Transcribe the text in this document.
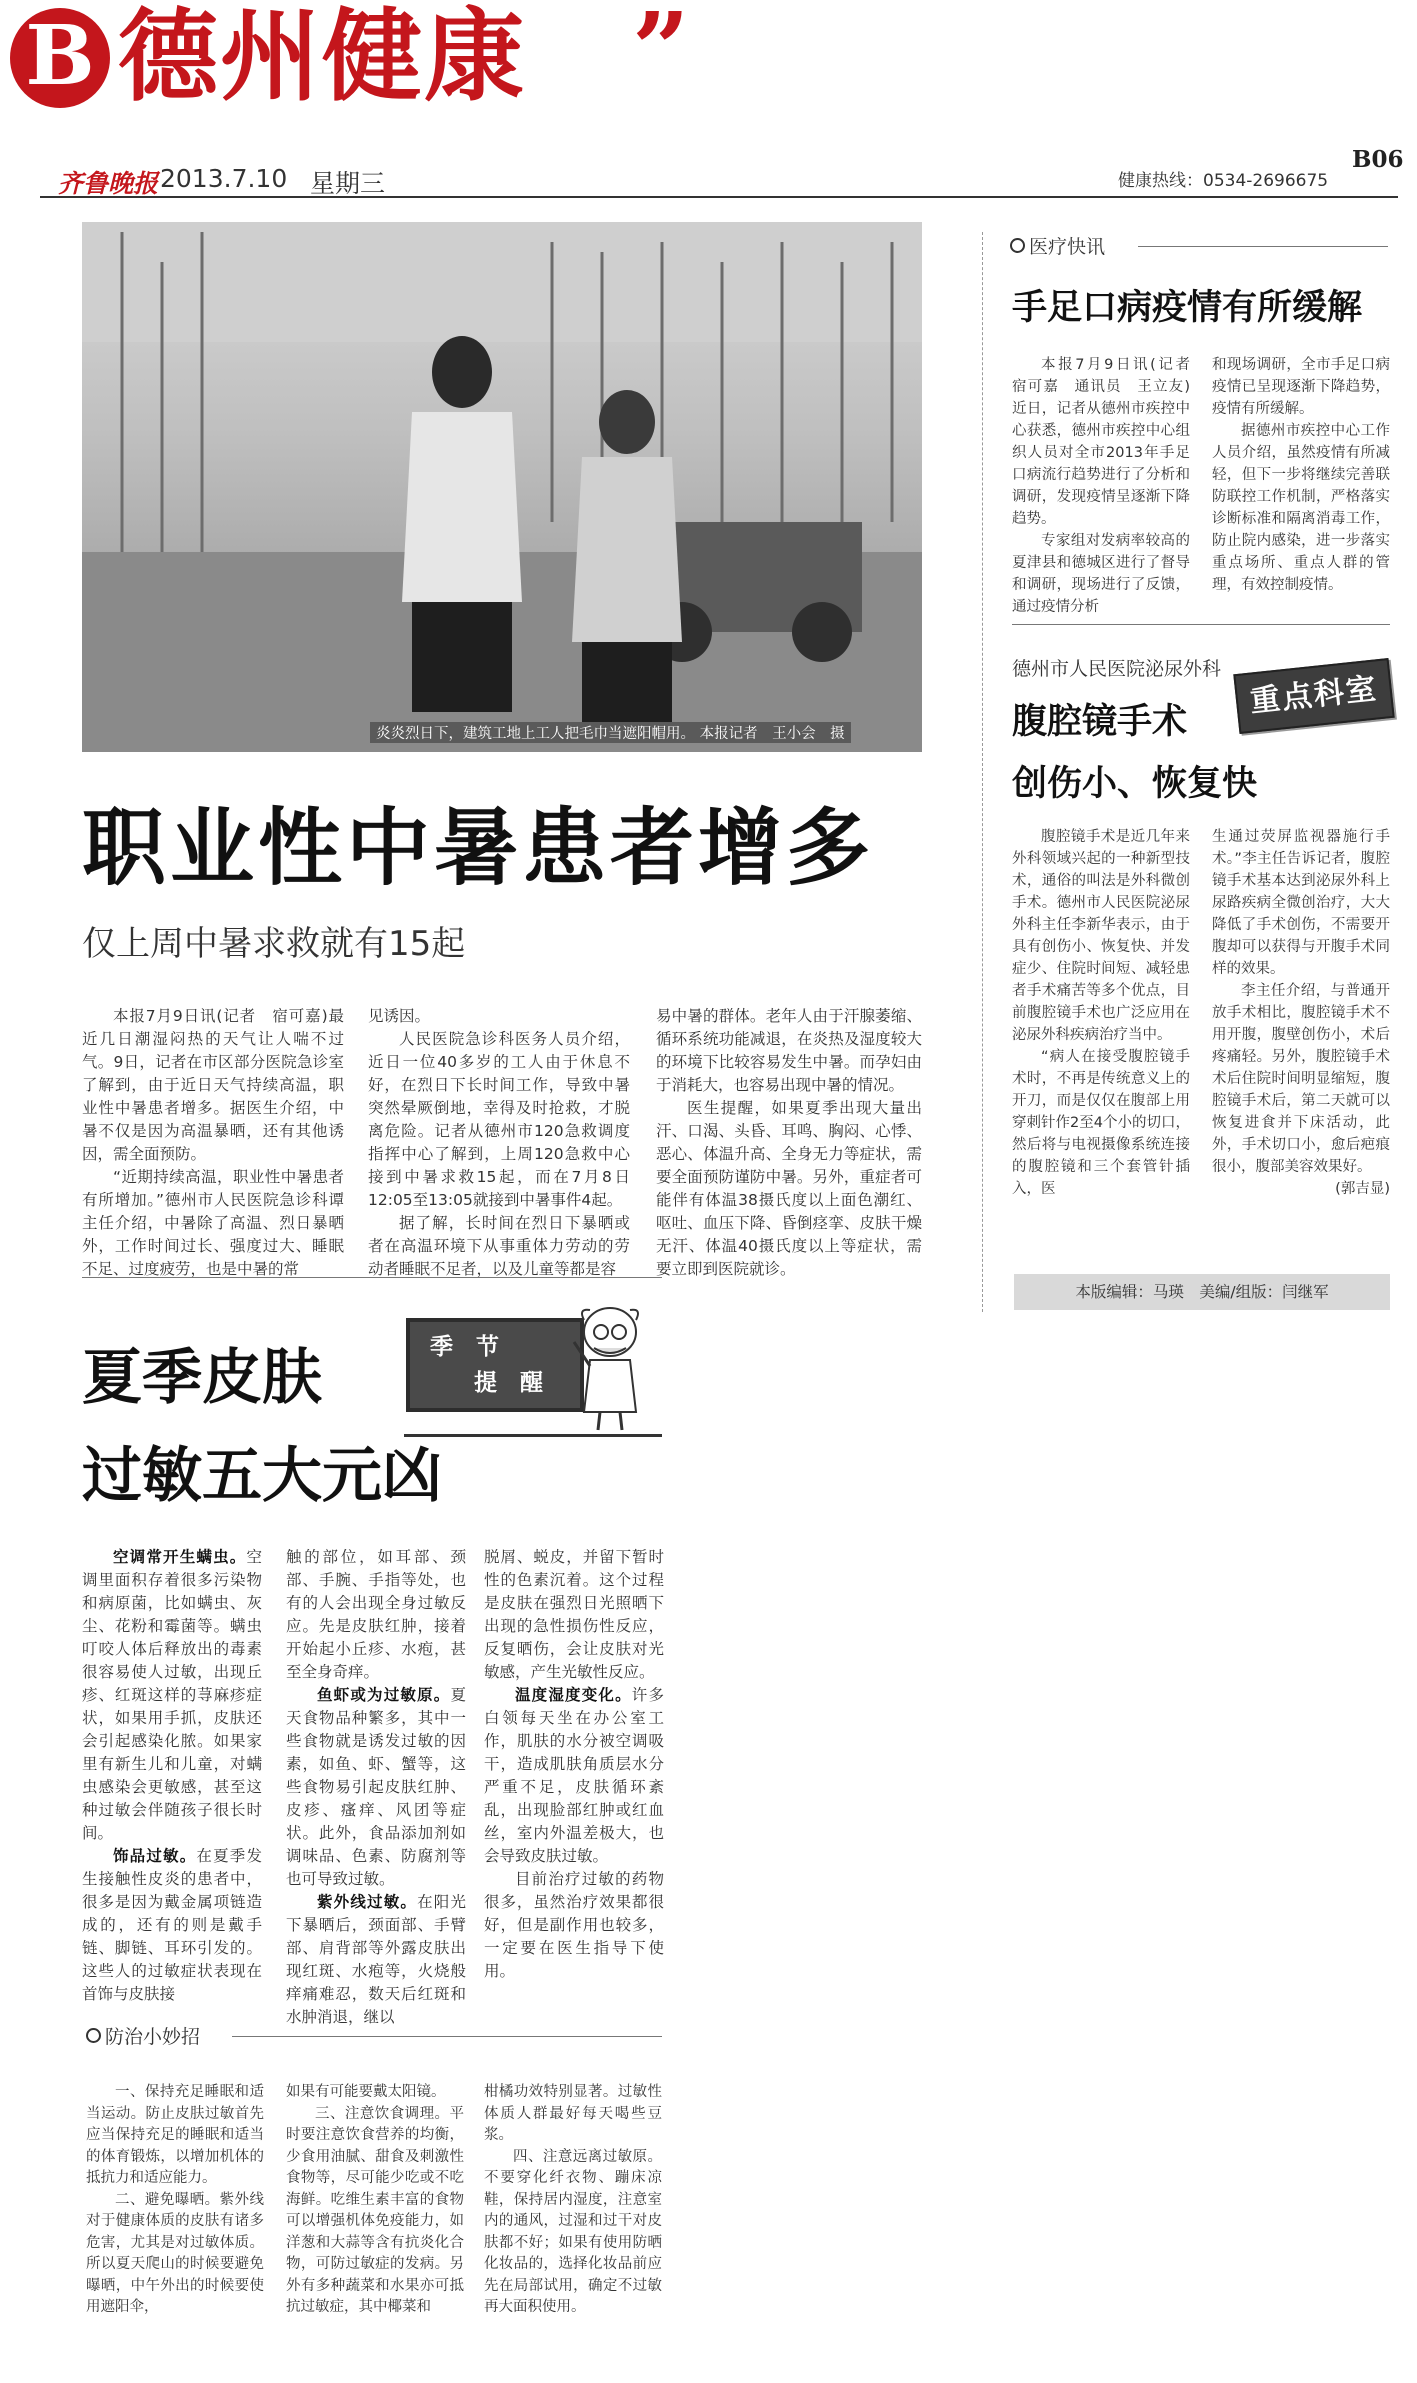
B 德州健康 ”
齐鲁晚报 2013.7.10 星期三	健康热线：0534-2696675
B06
炎炎烈日下，建筑工地上工人把毛巾当遮阳帽用。 本报记者　王小会　摄
职业性中暑患者增多
仅上周中暑求救就有15起

本报7月9日讯(记者　宿可嘉)最近几日潮湿闷热的天气让人喘不过气。9日，记者在市区部分医院急诊室了解到，由于近日天气持续高温，职业性中暑患者增多。据医生介绍，中暑不仅是因为高温暴晒，还有其他诱因，需全面预防。

“近期持续高温，职业性中暑患者有所增加。”德州市人民医院急诊科谭主任介绍，中暑除了高温、烈日暴晒外，工作时间过长、强度过大、睡眠不足、过度疲劳，也是中暑的常

见诱因。

人民医院急诊科医务人员介绍，近日一位40多岁的工人由于休息不好，在烈日下长时间工作，导致中暑突然晕厥倒地，幸得及时抢救，才脱离危险。记者从德州市120急救调度指挥中心了解到，上周120急救中心接到中暑求救15起，而在7月8日12:05至13:05就接到中暑事件4起。

据了解，长时间在烈日下暴晒或者在高温环境下从事重体力劳动的劳动者睡眠不足者，以及儿童等都是容

易中暑的群体。老年人由于汗腺萎缩、循环系统功能减退，在炎热及湿度较大的环境下比较容易发生中暑。而孕妇由于消耗大，也容易出现中暑的情况。

医生提醒，如果夏季出现大量出汗、口渴、头昏、耳鸣、胸闷、心悸、恶心、体温升高、全身无力等症状，需要全面预防谨防中暑。另外，重症者可能伴有体温38摄氏度以上面色潮红、呕吐、血压下降、昏倒痉挛、皮肤干燥无汗、体温40摄氏度以上等症状，需要立即到医院就诊。

医疗快讯
手足口病疫情有所缓解

本报7月9日讯(记者　宿可嘉　通讯员　王立友)　近日，记者从德州市疾控中心获悉，德州市疾控中心组织人员对全市2013年手足口病流行趋势进行了分析和调研，发现疫情呈逐渐下降趋势。

专家组对发病率较高的夏津县和德城区进行了督导和调研，现场进行了反馈，通过疫情分析

和现场调研，全市手足口病疫情已呈现逐渐下降趋势，疫情有所缓解。

据德州市疾控中心工作人员介绍，虽然疫情有所减轻，但下一步将继续完善联防联控工作机制，严格落实诊断标准和隔离消毒工作，防止院内感染，进一步落实重点场所、重点人群的管理，有效控制疫情。

德州市人民医院泌尿外科
重点科室
腹腔镜手术
创伤小、恢复快

腹腔镜手术是近几年来外科领域兴起的一种新型技术，通俗的叫法是外科微创手术。德州市人民医院泌尿外科主任李新华表示，由于具有创伤小、恢复快、并发症少、住院时间短、减轻患者手术痛苦等多个优点，目前腹腔镜手术也广泛应用在泌尿外科疾病治疗当中。

“病人在接受腹腔镜手术时，不再是传统意义上的开刀，而是仅仅在腹部上用穿刺针作2至4个小的切口，然后将与电视摄像系统连接的腹腔镜和三个套管针插入，医

生通过荧屏监视器施行手术。”李主任告诉记者，腹腔镜手术基本达到泌尿外科上尿路疾病全微创治疗，大大降低了手术创伤，不需要开腹却可以获得与开腹手术同样的效果。

李主任介绍，与普通开放手术相比，腹腔镜手术不用开腹，腹壁创伤小，术后疼痛轻。另外，腹腔镜手术术后住院时间明显缩短，腹腔镜手术后，第二天就可以恢复进食并下床活动，此外，手术切口小，愈后疤痕很小，腹部美容效果好。

(郭吉显)
本版编辑：马瑛　美编/组版：闫继军
夏季皮肤
过敏五大元凶
季　节
提　醒

空调常开生螨虫。空调里面积存着很多污染物和病原菌，比如螨虫、灰尘、花粉和霉菌等。螨虫叮咬人体后释放出的毒素很容易使人过敏，出现丘疹、红斑这样的荨麻疹症状，如果用手抓，皮肤还会引起感染化脓。如果家里有新生儿和儿童，对螨虫感染会更敏感，甚至这种过敏会伴随孩子很长时间。

饰品过敏。在夏季发生接触性皮炎的患者中，很多是因为戴金属项链造成的，还有的则是戴手链、脚链、耳环引发的。这些人的过敏症状表现在首饰与皮肤接

触的部位，如耳部、颈部、手腕、手指等处，也有的人会出现全身过敏反应。先是皮肤红肿，接着开始起小丘疹、水疱，甚至全身奇痒。

鱼虾或为过敏原。夏天食物品种繁多，其中一些食物就是诱发过敏的因素，如鱼、虾、蟹等，这些食物易引起皮肤红肿、皮疹、瘙痒、风团等症状。此外，食品添加剂如调味品、色素、防腐剂等也可导致过敏。

紫外线过敏。在阳光下暴晒后，颈面部、手臂部、肩背部等外露皮肤出现红斑、水疱等，火烧般痒痛难忍，数天后红斑和水肿消退，继以

脱屑、蜕皮，并留下暂时性的色素沉着。这个过程是皮肤在强烈日光照晒下出现的急性损伤性反应，反复晒伤，会让皮肤对光敏感，产生光敏性反应。

温度湿度变化。许多白领每天坐在办公室工作，肌肤的水分被空调吸干，造成肌肤角质层水分严重不足，皮肤循环紊乱，出现脸部红肿或红血丝，室内外温差极大，也会导致皮肤过敏。

目前治疗过敏的药物很多，虽然治疗效果都很好，但是副作用也较多，一定要在医生指导下使用。

防治小妙招

一、保持充足睡眠和适当运动。防止皮肤过敏首先应当保持充足的睡眠和适当的体育锻炼，以增加机体的抵抗力和适应能力。

二、避免曝晒。紫外线对于健康体质的皮肤有诸多危害，尤其是对过敏体质。所以夏天爬山的时候要避免曝晒，中午外出的时候要使用遮阳伞，

如果有可能要戴太阳镜。

三、注意饮食调理。平时要注意饮食营养的均衡，少食用油腻、甜食及刺激性食物等，尽可能少吃或不吃海鲜。吃维生素丰富的食物可以增强机体免疫能力，如洋葱和大蒜等含有抗炎化合物，可防过敏症的发病。另外有多种蔬菜和水果亦可抵抗过敏症，其中椰菜和

柑橘功效特别显著。过敏性体质人群最好每天喝些豆浆。

四、注意远离过敏原。不要穿化纤衣物、蹦床凉鞋，保持居内湿度，注意室内的通风，过湿和过干对皮肤都不好；如果有使用防晒化妆品的，选择化妆品前应先在局部试用，确定不过敏再大面积使用。
